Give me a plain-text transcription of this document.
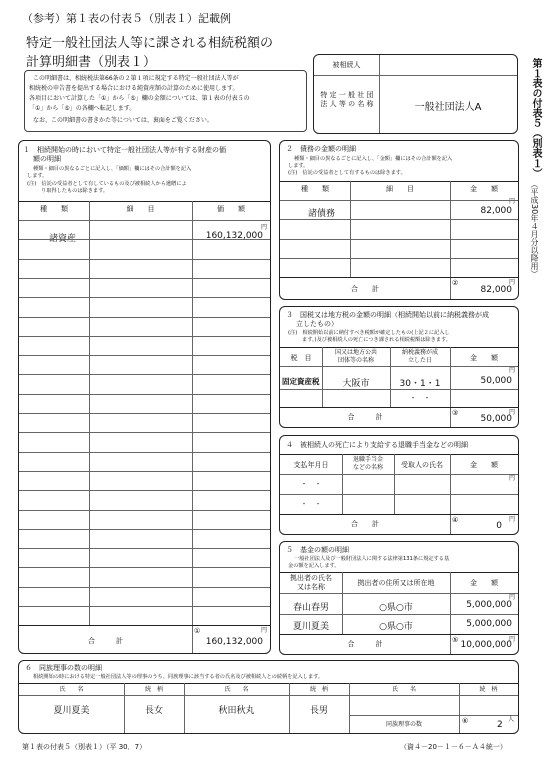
（参考）第１表の付表５（別表１）記載例
特定一般社団法人等に課される相続税額の
計算明細書（別表１）	被相続人
特 定 一 般 社 団 法 人 等 の 名 称	一般社団法人A	第１表の付表５（別表１）
（平成30年４月分以降用）
この明細書は、相続税法第66条の２第１項に規定する特定一般社団法人等が
相続税の申告書を提出する場合における純資産額の計算のために使用します。
各項目において計算した「①」から「⑤」欄の金額については、第１表の付表５の
「①」から「⑤」の各欄へ転記します。
なお、この明細書の書きかた等については、裏面をご覧ください。
１　相続開始の時において特定一般社団法人等が有する財産の価
額の明細
種類・細目の異なるごとに記入し、「価額」欄にはその合計額を記入
します。
(注)　信託の受益者として有しているもの及び被相続人から遺贈によ
り取得したものは除きます。
種　　類	細　　目	価　　額
円
諸資産	160,132,000
合　　　計
①	円
160,132,000
２　債務の金額の明細
種類・細目の異なるごとに記入し、「金額」欄にはその合計額を記入
します。
(注)　信託の受益者として有するものは除きます。
種　　類	細　　目	金　　額
円
諸債務	82,000
合　　計
②	円
82,000
３　国税又は地方税の金額の明細（相続開始以前に納税義務が成
立したもの）
(注)　相続開始以前に納付すべき税額が確定したもの(上記２に記入し
ます。)及び被相続人の死亡につき課される相続税額は除きます。
税　目
国又は地方公共
団体等の名称
納税義務が成
立した日	金　　額
円
固定資産税	大阪市	30・1・1	50,000
・　・
合　　　計	③	円
50,000
４　被相続人の死亡により支給する退職手当金などの明細
支払年月日
退職手当金
などの名称	受取人の氏名	金　　額
円
・　・
・　・
合　　計	④	円
0
５　基金の額の明細
一般社団法人及び一般財団法人に関する法律第131条に規定する基
金の額を記入します。
拠出者の氏名
又は名称	拠出者の住所又は所在地	金　　額
円
春山春男	○県○市	5,000,000
夏川夏美	○県○市	5,000,000
合　　　計	⑤	円
10,000,000
６　同族理事の数の明細
相続開始の時における特定一般社団法人等の理事のうち、同族理事に該当する者の氏名及び被相続人との続柄を記入します。
氏　　名	続　柄	氏　　名	続　柄	氏　　名	続　柄
夏川夏美	長女	秋田秋丸	長男
同族理事の数	⑥	2
人
第１表の付表５（別表１）（平 30．7）	（資４－20－１－６－Ａ４統一）
